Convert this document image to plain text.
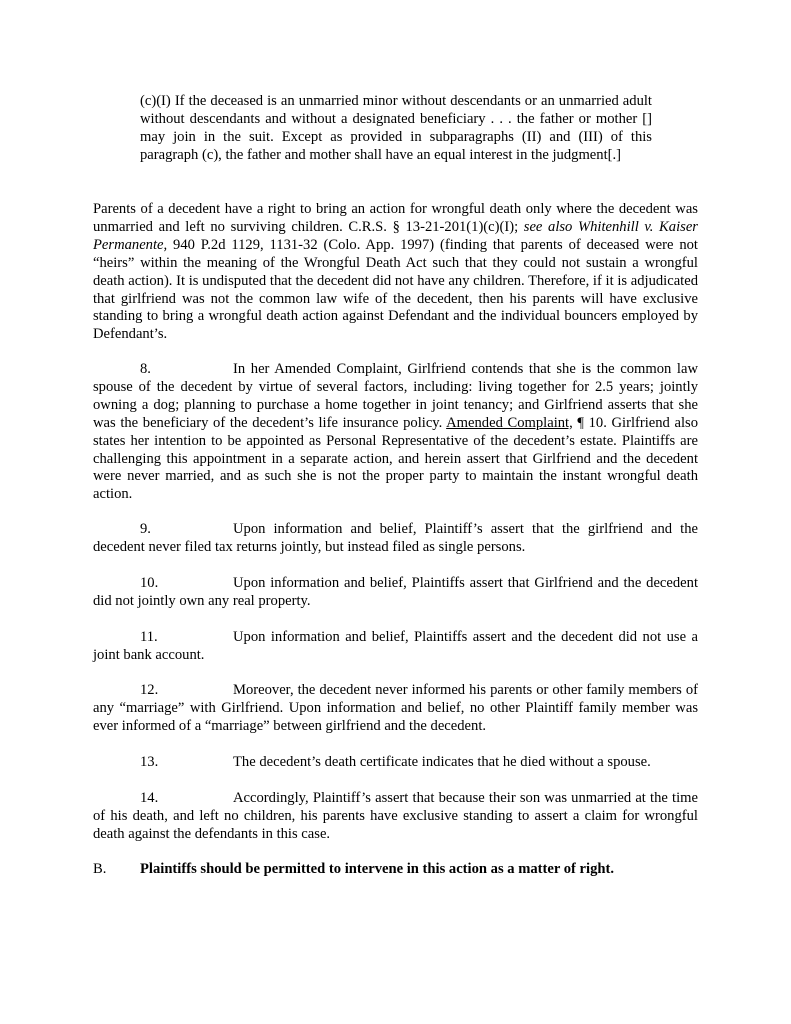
(c)(I) If the deceased is an unmarried minor without descendants or an unmarried adult without descendants and without a designated beneficiary . . . the father or mother [] may join in the suit. Except as provided in subparagraphs (II) and (III) of this paragraph (c), the father and mother shall have an equal interest in the judgment[.]

Parents of a decedent have a right to bring an action for wrongful death only where the decedent was unmarried and left no surviving children. C.R.S. § 13-21-201(1)(c)(I); see also Whitenhill v. Kaiser Permanente, 940 P.2d 1129, 1131-32 (Colo. App. 1997) (finding that parents of deceased were not “heirs” within the meaning of the Wrongful Death Act such that they could not sustain a wrongful death action). It is undisputed that the decedent did not have any children. Therefore, if it is adjudicated that girlfriend was not the common law wife of the decedent, then his parents will have exclusive standing to bring a wrongful death action against Defendant and the individual bouncers employed by Defendant’s.

8.	In her Amended Complaint, Girlfriend contends that she is the common law spouse of the decedent by virtue of several factors, including: living together for 2.5 years; jointly owning a dog; planning to purchase a home together in joint tenancy; and Girlfriend asserts that she was the beneficiary of the decedent’s life insurance policy. Amended Complaint, ¶ 10. Girlfriend also states her intention to be appointed as Personal Representative of the decedent’s estate. Plaintiffs are challenging this appointment in a separate action, and herein assert that Girlfriend and the decedent were never married, and as such she is not the proper party to maintain the instant wrongful death action.

9.	Upon information and belief, Plaintiff’s assert that the girlfriend and the decedent never filed tax returns jointly, but instead filed as single persons.

10.	Upon information and belief, Plaintiffs assert that Girlfriend and the decedent did not jointly own any real property.

11.	Upon information and belief, Plaintiffs assert and the decedent did not use a joint bank account.

12.	Moreover, the decedent never informed his parents or other family members of any “marriage” with Girlfriend. Upon information and belief, no other Plaintiff family member was ever informed of a “marriage” between girlfriend and the decedent.

13.	The decedent’s death certificate indicates that he died without a spouse.

14.	Accordingly, Plaintiff’s assert that because their son was unmarried at the time of his death, and left no children, his parents have exclusive standing to assert a claim for wrongful death against the defendants in this case.

B. Plaintiffs should be permitted to intervene in this action as a matter of right.
